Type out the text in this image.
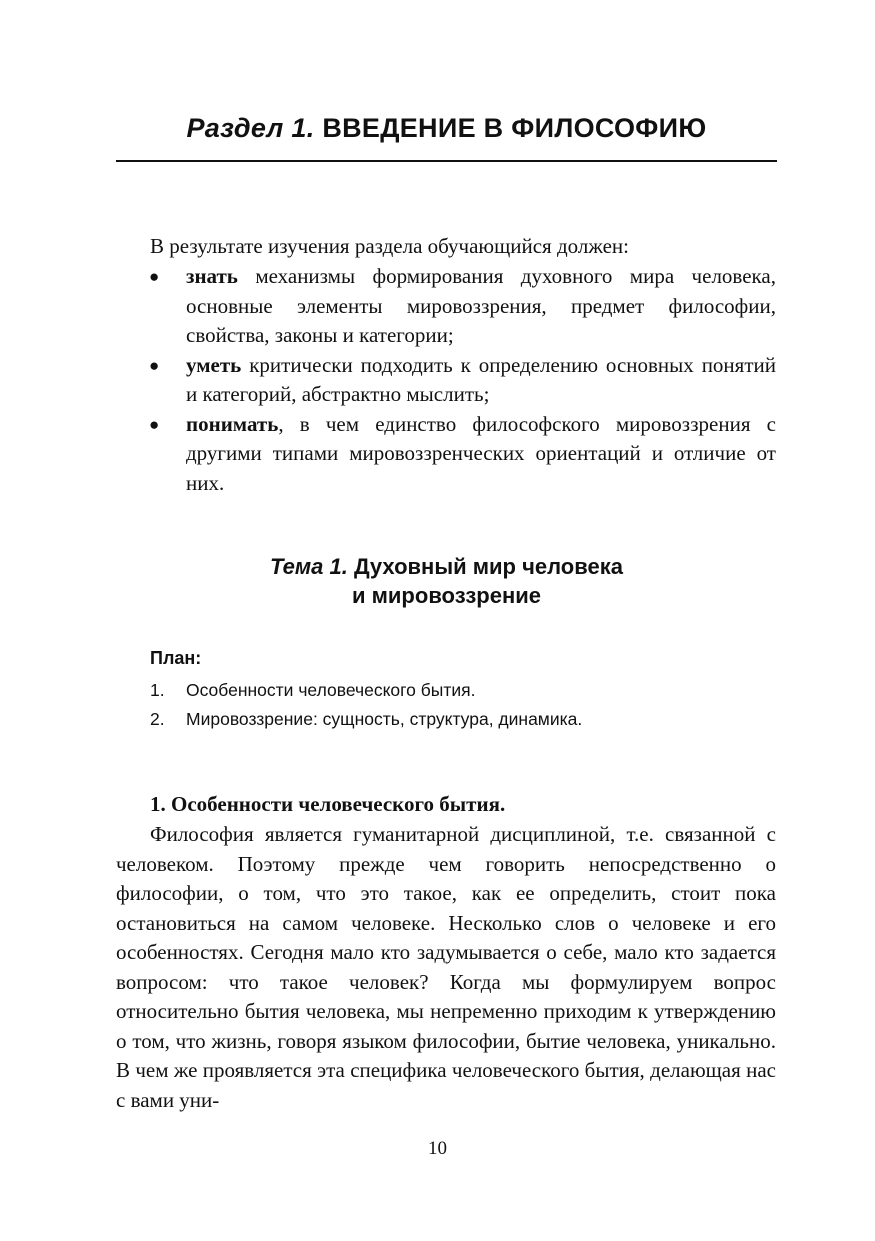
Раздел 1. ВВЕДЕНИЕ В ФИЛОСОФИЮ

В результате изучения раздела обучающийся должен:

● знать механизмы формирования духовного мира человека, основные элементы мировоззрения, предмет философии, свойства, законы и категории;
● уметь критически подходить к определению основных понятий и категорий, абстрактно мыслить;
● понимать, в чем единство философского мировоззрения с другими типами мировоззренческих ориентаций и отличие от них.
Тема 1. Духовный мир человека
и мировоззрение
План:
1. Особенности человеческого бытия.
2. Мировоззрение: сущность, структура, динамика.
1. Особенности человеческого бытия.

Философия является гуманитарной дисциплиной, т.е. связанной с человеком. Поэтому прежде чем говорить непосредственно о философии, о том, что это такое, как ее определить, стоит пока остановиться на самом человеке. Несколько слов о человеке и его особенностях. Сегодня мало кто задумывается о себе, мало кто задается вопросом: что такое человек? Когда мы формулируем вопрос относительно бытия человека, мы непременно приходим к утверждению о том, что жизнь, говоря языком философии, бытие человека, уникально. В чем же проявляется эта специфика человеческого бытия, делающая нас с вами уни-

10
